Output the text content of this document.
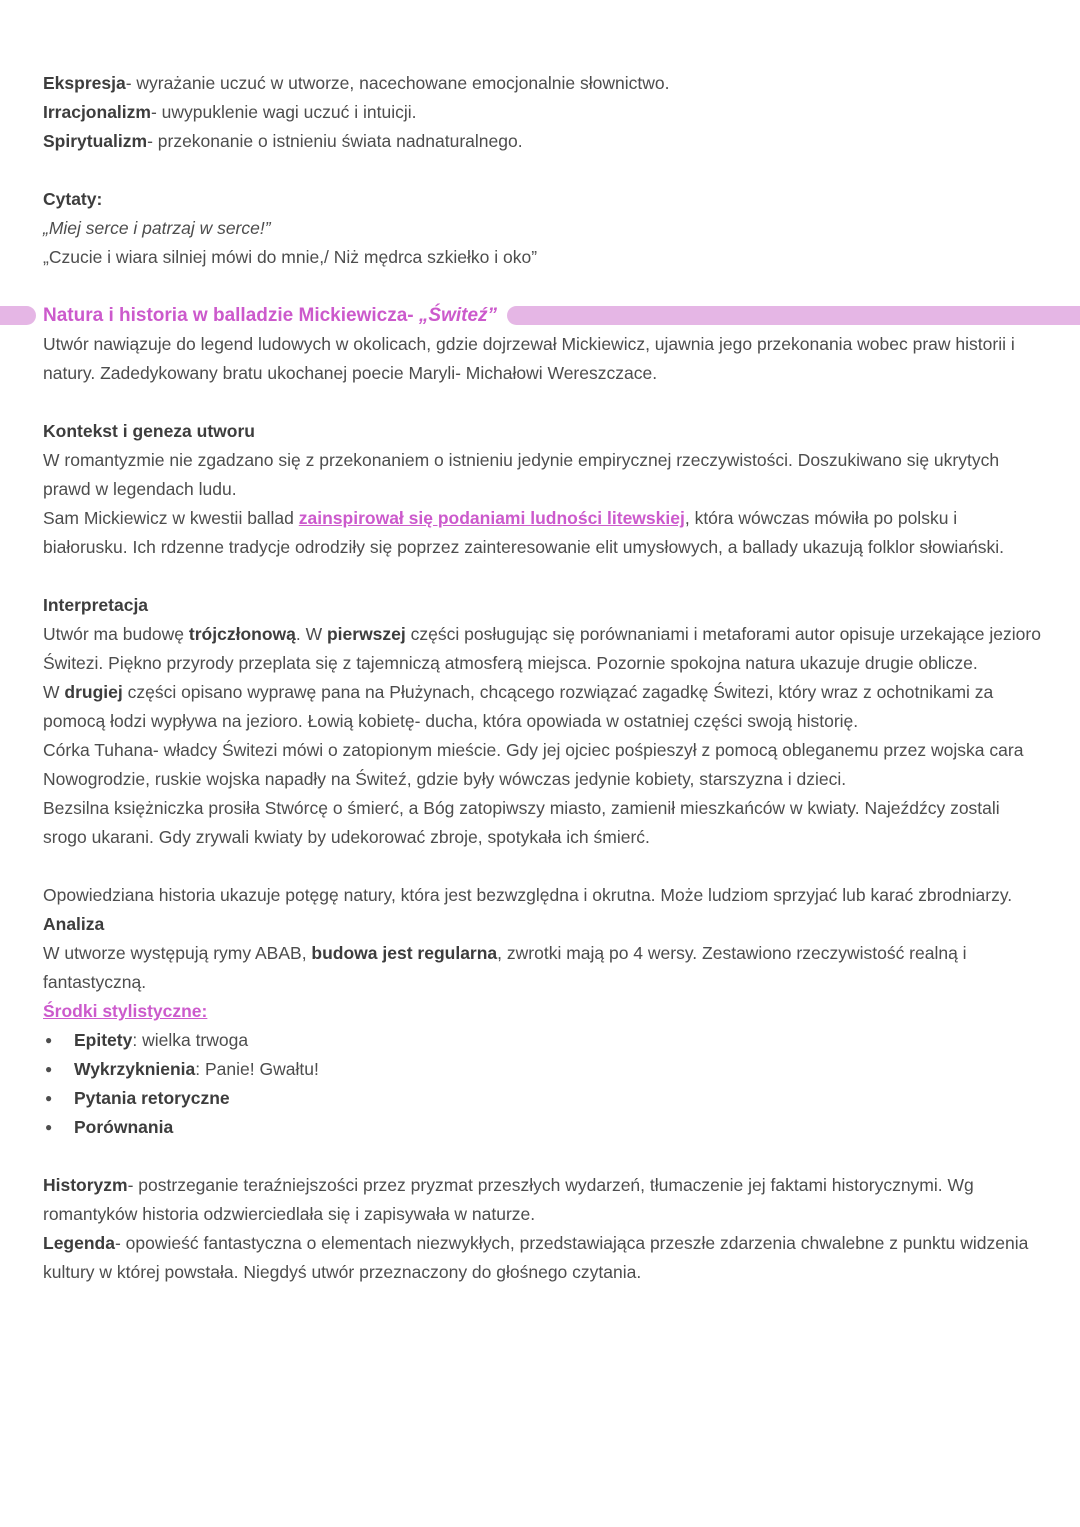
Ekspresja- wyrażanie uczuć w utworze, nacechowane emocjonalnie słownictwo.

Irracjonalizm- uwypuklenie wagi uczuć i intuicji.

Spirytualizm- przekonanie o istnieniu świata nadnaturalnego.

Cytaty:

„Miej serce i patrzaj w serce!”

„Czucie i wiara silniej mówi do mnie,/ Niż mędrca szkiełko i oko”

Natura i historia w balladzie Mickiewicza- „Świteź”

Utwór nawiązuje do legend ludowych w okolicach, gdzie dojrzewał Mickiewicz, ujawnia jego przekonania wobec praw historii i natury. Zadedykowany bratu ukochanej poecie Maryli- Michałowi Wereszczace.

Kontekst i geneza utworu

W romantyzmie nie zgadzano się z przekonaniem o istnieniu jedynie empirycznej rzeczywistości. Doszukiwano się ukrytych prawd w legendach ludu.

Sam Mickiewicz w kwestii ballad zainspirował się podaniami ludności litewskiej, która wówczas mówiła po polsku i białorusku. Ich rdzenne tradycje odrodziły się poprzez zainteresowanie elit umysłowych, a ballady ukazują folklor słowiański.

Interpretacja

Utwór ma budowę trójczłonową. W pierwszej części posługując się porównaniami i metaforami autor opisuje urzekające jezioro Świtezi. Piękno przyrody przeplata się z tajemniczą atmosferą miejsca. Pozornie spokojna natura ukazuje drugie oblicze.

W drugiej części opisano wyprawę pana na Płużynach, chcącego rozwiązać zagadkę Świtezi, który wraz z ochotnikami za pomocą łodzi wypływa na jezioro. Łowią kobietę- ducha, która opowiada w ostatniej części swoją historię.

Córka Tuhana- władcy Świtezi mówi o zatopionym mieście. Gdy jej ojciec pośpieszył z pomocą obleganemu przez wojska cara Nowogrodzie, ruskie wojska napadły na Świteź, gdzie były wówczas jedynie kobiety, starszyzna i dzieci.

Bezsilna księżniczka prosiła Stwórcę o śmierć, a Bóg zatopiwszy miasto, zamienił mieszkańców w kwiaty. Najeźdźcy zostali srogo ukarani. Gdy zrywali kwiaty by udekorować zbroje, spotykała ich śmierć.

Opowiedziana historia ukazuje potęgę natury, która jest bezwzględna i okrutna. Może ludziom sprzyjać lub karać zbrodniarzy.

Analiza

W utworze występują rymy ABAB, budowa jest regularna, zwrotki mają po 4 wersy. Zestawiono rzeczywistość realną i fantastyczną.

Środki stylistyczne:

● Epitety: wielka trwoga
● Wykrzyknienia: Panie! Gwałtu!
● Pytania retoryczne
● Porównania

Historyzm- postrzeganie teraźniejszości przez pryzmat przeszłych wydarzeń, tłumaczenie jej faktami historycznymi. Wg romantyków historia odzwierciedlała się i zapisywała w naturze.

Legenda- opowieść fantastyczna o elementach niezwykłych, przedstawiająca przeszłe zdarzenia chwalebne z punktu widzenia kultury w której powstała. Niegdyś utwór przeznaczony do głośnego czytania.
